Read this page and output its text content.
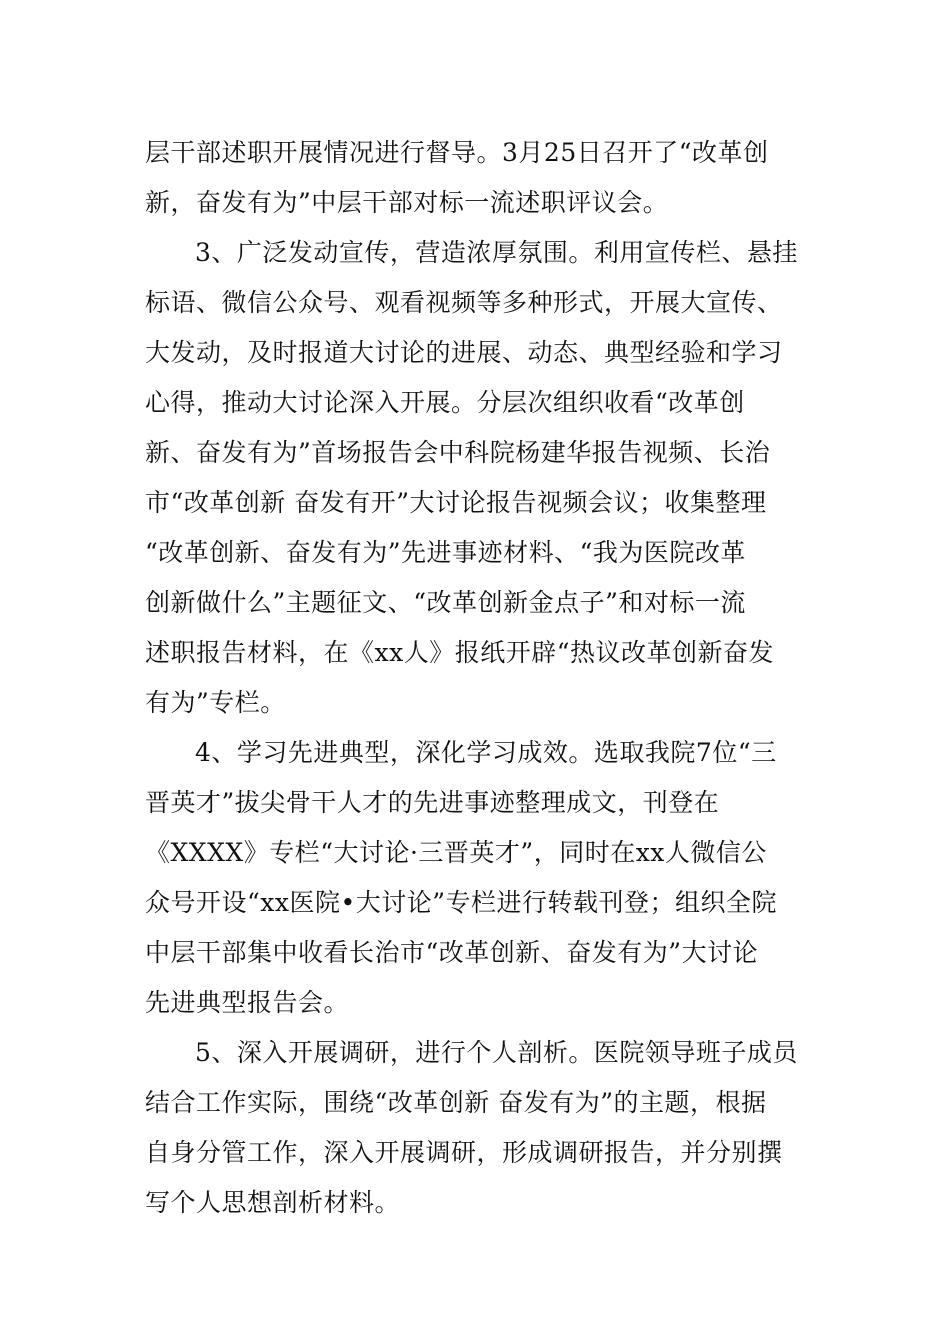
层干部述职开展情况进行督导。3月25日召开了“改革创
新，奋发有为”中层干部对标一流述职评议会。
3、广泛发动宣传，营造浓厚氛围。利用宣传栏、悬挂
标语、微信公众号、观看视频等多种形式，开展大宣传、
大发动，及时报道大讨论的进展、动态、典型经验和学习
心得，推动大讨论深入开展。分层次组织收看“改革创
新、奋发有为”首场报告会中科院杨建华报告视频、长治
市“改革创新 奋发有开”大讨论报告视频会议；收集整理
“改革创新、奋发有为”先进事迹材料、“我为医院改革
创新做什么”主题征文、“改革创新金点子”和对标一流
述职报告材料，在《xx人》报纸开辟“热议改革创新奋发
有为”专栏。
4、学习先进典型，深化学习成效。选取我院7位“三
晋英才”拔尖骨干人才的先进事迹整理成文，刊登在
《XXXX》专栏“大讨论·三晋英才”，同时在xx人微信公
众号开设“xx医院•大讨论”专栏进行转载刊登；组织全院
中层干部集中收看长治市“改革创新、奋发有为”大讨论
先进典型报告会。
5、深入开展调研，进行个人剖析。医院领导班子成员
结合工作实际，围绕“改革创新 奋发有为”的主题，根据
自身分管工作，深入开展调研，形成调研报告，并分别撰
写个人思想剖析材料。
